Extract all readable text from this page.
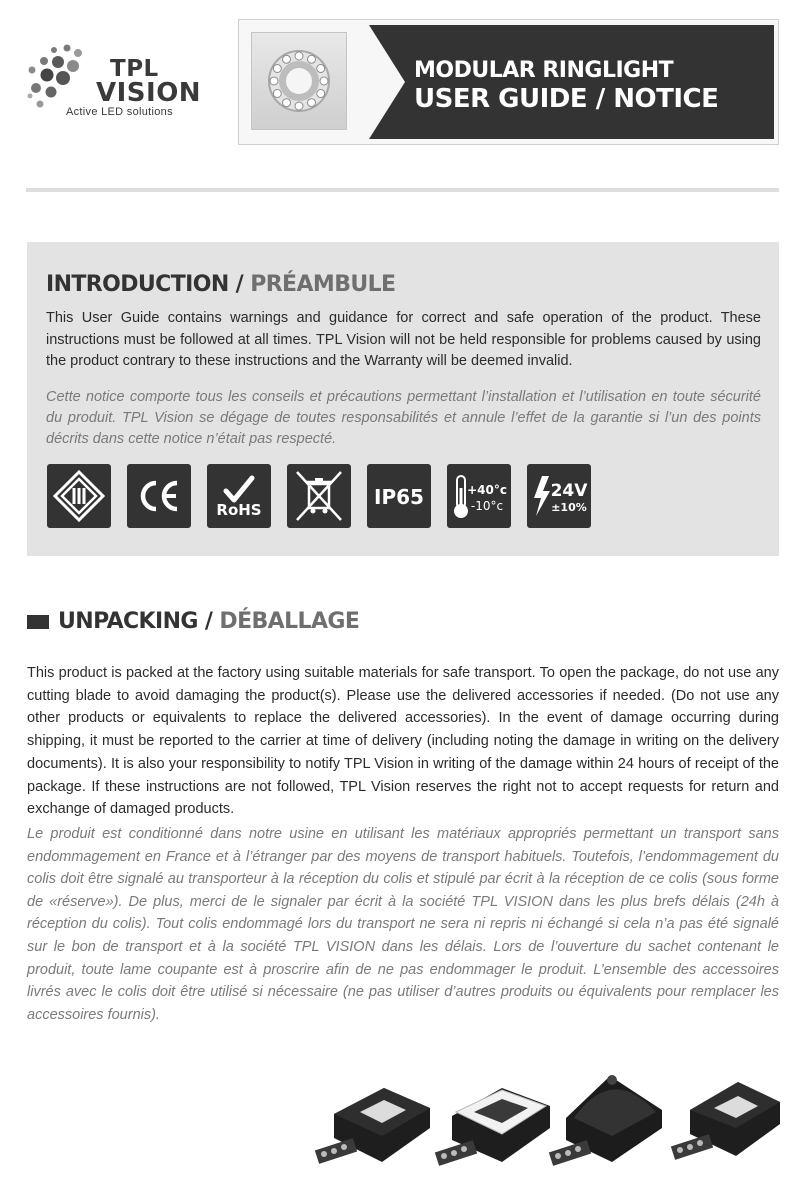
TPL
VISION
Active LED solutions
MODULAR RINGLIGHT
USER GUIDE / NOTICE
INTRODUCTION / PRÉAMBULE

This User Guide contains warnings and guidance for correct and safe operation of the product. These instructions must be followed at all times. TPL Vision will not be held responsible for problems caused by using the product contrary to these instructions and the Warranty will be deemed invalid.

Cette notice comporte tous les conseils et précautions permettant l’installation et l’utilisation en toute sécurité du produit. TPL Vision se dégage de toutes responsabilités et annule l’effet de la garantie si l’un des points décrits dans cette notice n’était pas respecté.

RoHS
IP65	+40°c
-10°c
24V
±10%
UNPACKING / DÉBALLAGE

This product is packed at the factory using suitable materials for safe transport. To open the package, do not use any cutting blade to avoid damaging the product(s). Please use the delivered accessories if needed. (Do not use any other products or equivalents to replace the delivered accessories). In the event of damage occurring during shipping, it must be reported to the carrier at time of delivery (including noting the damage in writing on the delivery documents). It is also your responsibility to notify TPL Vision in writing of the damage within 24 hours of receipt of the package. If these instructions are not followed, TPL Vision reserves the right not to accept requests for return and exchange of damaged products.

Le produit est conditionné dans notre usine en utilisant les matériaux appropriés permettant un transport sans endommagement en France et à l’étranger par des moyens de transport habituels. Toutefois, l’endommagement du colis doit être signalé au transporteur à la réception du colis et stipulé par écrit à la réception de ce colis (sous forme de «réserve»). De plus, merci de le signaler par écrit à la société TPL VISION dans les plus brefs délais (24h à réception du colis). Tout colis endommagé lors du transport ne sera ni repris ni échangé si cela n’a pas été signalé sur le bon de transport et à la société TPL VISION dans les délais. Lors de l’ouverture du sachet contenant le produit, toute lame coupante est à proscrire afin de ne pas endommager le produit. L’ensemble des accessoires livrés avec le colis doit être utilisé si nécessaire (ne pas utiliser d’autres produits ou équivalents pour remplacer les accessoires fournis).
